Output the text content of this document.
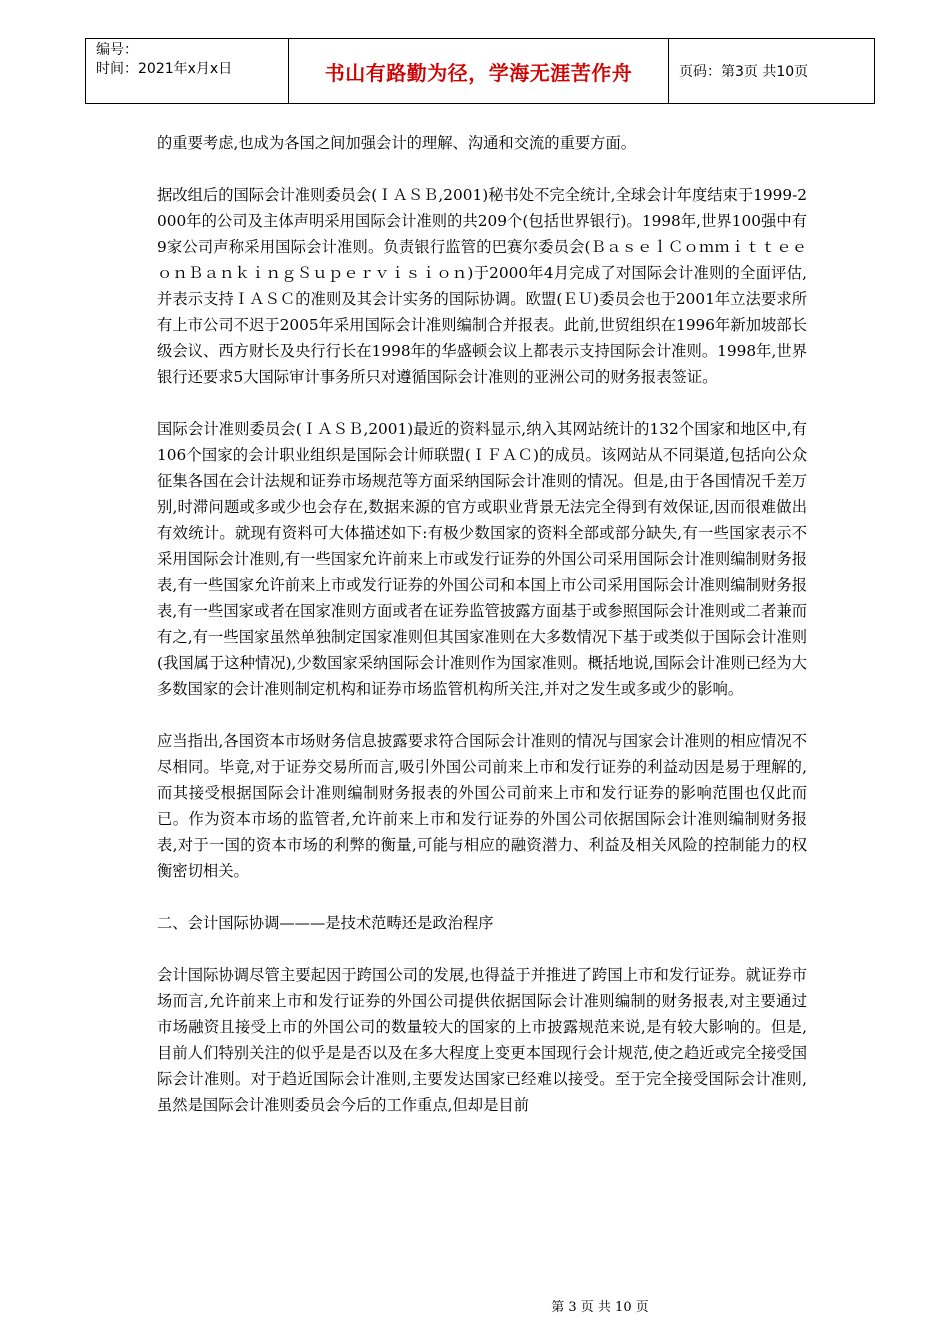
编号：
时间：2021年x月x日	书山有路勤为径，学海无涯苦作舟	页码：第3页 共10页

的重要考虑,也成为各国之间加强会计的理解、沟通和交流的重要方面。

据改组后的国际会计准则委员会(ＩＡＳＢ,2001)秘书处不完全统计,全球会计年度结束于1999-2000年的公司及主体声明采用国际会计准则的共209个(包括世界银行)。1998年,世界100强中有9家公司声称采用国际会计准则。负责银行监管的巴赛尔委员会(ＢａｓｅｌＣｏｍｍｉｔｔｅｅｏｎＢａｎｋｉｎｇＳｕｐｅｒｖｉｓｉｏｎ)于2000年4月完成了对国际会计准则的全面评估,并表示支持ＩＡＳＣ的准则及其会计实务的国际协调。欧盟(ＥＵ)委员会也于2001年立法要求所有上市公司不迟于2005年采用国际会计准则编制合并报表。此前,世贸组织在1996年新加坡部长级会议、西方财长及央行行长在1998年的华盛顿会议上都表示支持国际会计准则。1998年,世界银行还要求5大国际审计事务所只对遵循国际会计准则的亚洲公司的财务报表签证。

国际会计准则委员会(ＩＡＳＢ,2001)最近的资料显示,纳入其网站统计的132个国家和地区中,有106个国家的会计职业组织是国际会计师联盟(ＩＦＡＣ)的成员。该网站从不同渠道,包括向公众征集各国在会计法规和证券市场规范等方面采纳国际会计准则的情况。但是,由于各国情况千差万别,时滞问题或多或少也会存在,数据来源的官方或职业背景无法完全得到有效保证,因而很难做出有效统计。就现有资料可大体描述如下:有极少数国家的资料全部或部分缺失,有一些国家表示不采用国际会计准则,有一些国家允许前来上市或发行证券的外国公司采用国际会计准则编制财务报表,有一些国家允许前来上市或发行证券的外国公司和本国上市公司采用国际会计准则编制财务报表,有一些国家或者在国家准则方面或者在证券监管披露方面基于或参照国际会计准则或二者兼而有之,有一些国家虽然单独制定国家准则但其国家准则在大多数情况下基于或类似于国际会计准则(我国属于这种情况),少数国家采纳国际会计准则作为国家准则。概括地说,国际会计准则已经为大多数国家的会计准则制定机构和证券市场监管机构所关注,并对之发生或多或少的影响。

应当指出,各国资本市场财务信息披露要求符合国际会计准则的情况与国家会计准则的相应情况不尽相同。毕竟,对于证券交易所而言,吸引外国公司前来上市和发行证券的利益动因是易于理解的,而其接受根据国际会计准则编制财务报表的外国公司前来上市和发行证券的影响范围也仅此而已。作为资本市场的监管者,允许前来上市和发行证券的外国公司依据国际会计准则编制财务报表,对于一国的资本市场的利弊的衡量,可能与相应的融资潜力、利益及相关风险的控制能力的权衡密切相关。

二、会计国际协调———是技术范畴还是政治程序

会计国际协调尽管主要起因于跨国公司的发展,也得益于并推进了跨国上市和发行证券。就证券市场而言,允许前来上市和发行证券的外国公司提供依据国际会计准则编制的财务报表,对主要通过市场融资且接受上市的外国公司的数量较大的国家的上市披露规范来说,是有较大影响的。但是,目前人们特别关注的似乎是是否以及在多大程度上变更本国现行会计规范,使之趋近或完全接受国际会计准则。对于趋近国际会计准则,主要发达国家已经难以接受。至于完全接受国际会计准则,虽然是国际会计准则委员会今后的工作重点,但却是目前

第 3 页 共 10 页
